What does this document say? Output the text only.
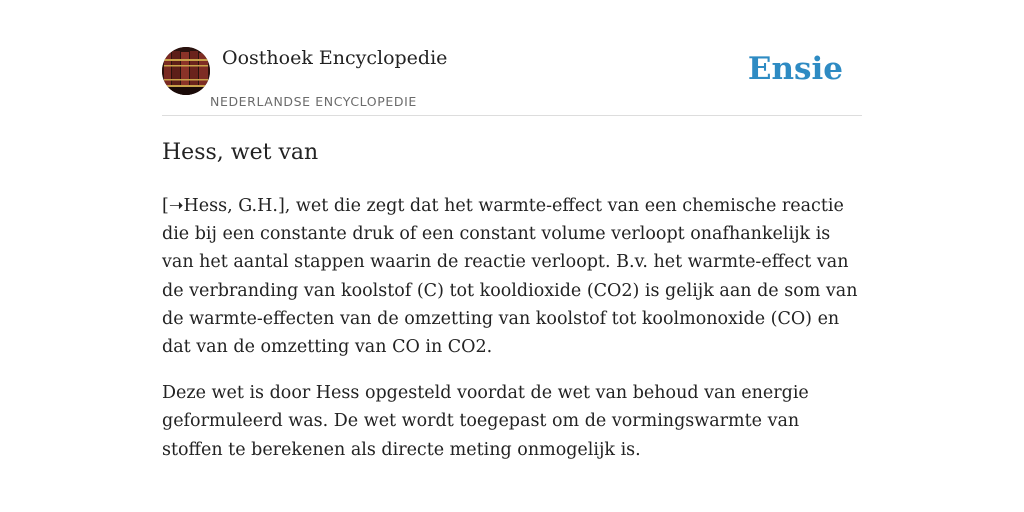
Oosthoek Encyclopedie
NEDERLANDSE ENCYCLOPEDIE
Ensie
Hess, wet van

[➝Hess, G.H.], wet die zegt dat het warmte-effect van een chemische reactie die bij een constante druk of een constant volume verloopt onafhankelijk is van het aantal stappen waarin de reactie verloopt. B.v. het warmte-effect van de verbranding van koolstof (C) tot kooldioxide (CO2) is gelijk aan de som van de warmte-effecten van de omzetting van koolstof tot koolmonoxide (CO) en dat van de omzetting van CO in CO2.

Deze wet is door Hess opgesteld voordat de wet van behoud van energie geformuleerd was. De wet wordt toegepast om de vormingswarmte van stoffen te berekenen als directe meting onmogelijk is.
